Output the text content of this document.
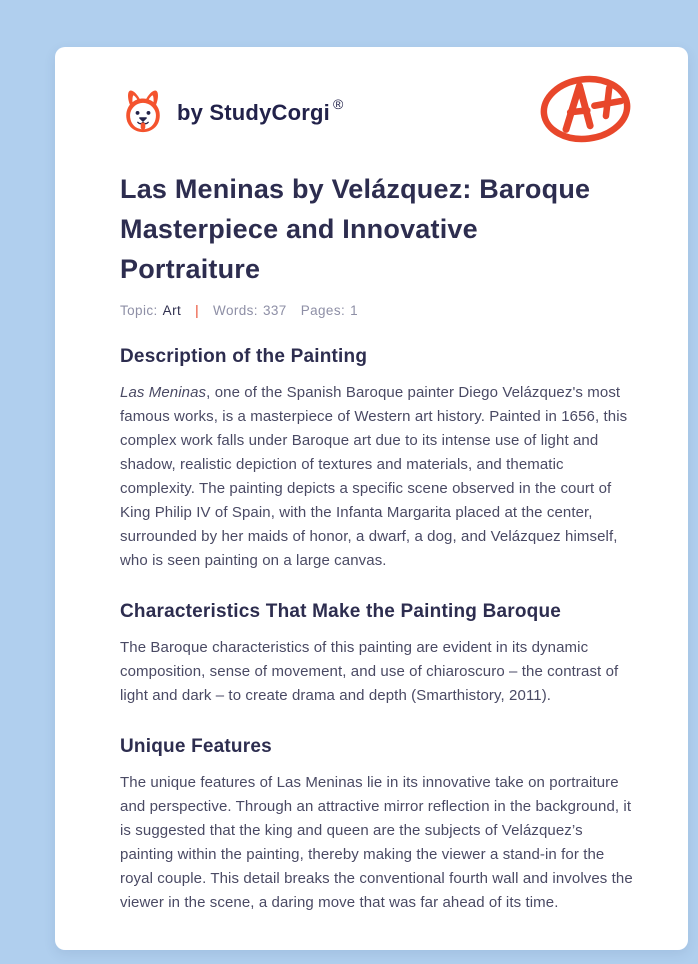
by StudyCorgi ®
Las Meninas by Velázquez: Baroque
Masterpiece and Innovative
Portraiture
Topic: Art | Words: 337 Pages: 1
Description of the Painting

Las Meninas, one of the Spanish Baroque painter Diego Velázquez's most famous works, is a masterpiece of Western art history. Painted in 1656, this complex work falls under Baroque art due to its intense use of light and shadow, realistic depiction of textures and materials, and thematic complexity. The painting depicts a specific scene observed in the court of King Philip IV of Spain, with the Infanta Margarita placed at the center, surrounded by her maids of honor, a dwarf, a dog, and Velázquez himself, who is seen painting on a large canvas.

Characteristics That Make the Painting Baroque

The Baroque characteristics of this painting are evident in its dynamic composition, sense of movement, and use of chiaroscuro – the contrast of light and dark – to create drama and depth (Smarthistory, 2011).

Unique Features

The unique features of Las Meninas lie in its innovative take on portraiture and perspective. Through an attractive mirror reflection in the background, it is suggested that the king and queen are the subjects of Velázquez’s painting within the painting, thereby making the viewer a stand-in for the royal couple. This detail breaks the conventional fourth wall and involves the viewer in the scene, a daring move that was far ahead of its time.
